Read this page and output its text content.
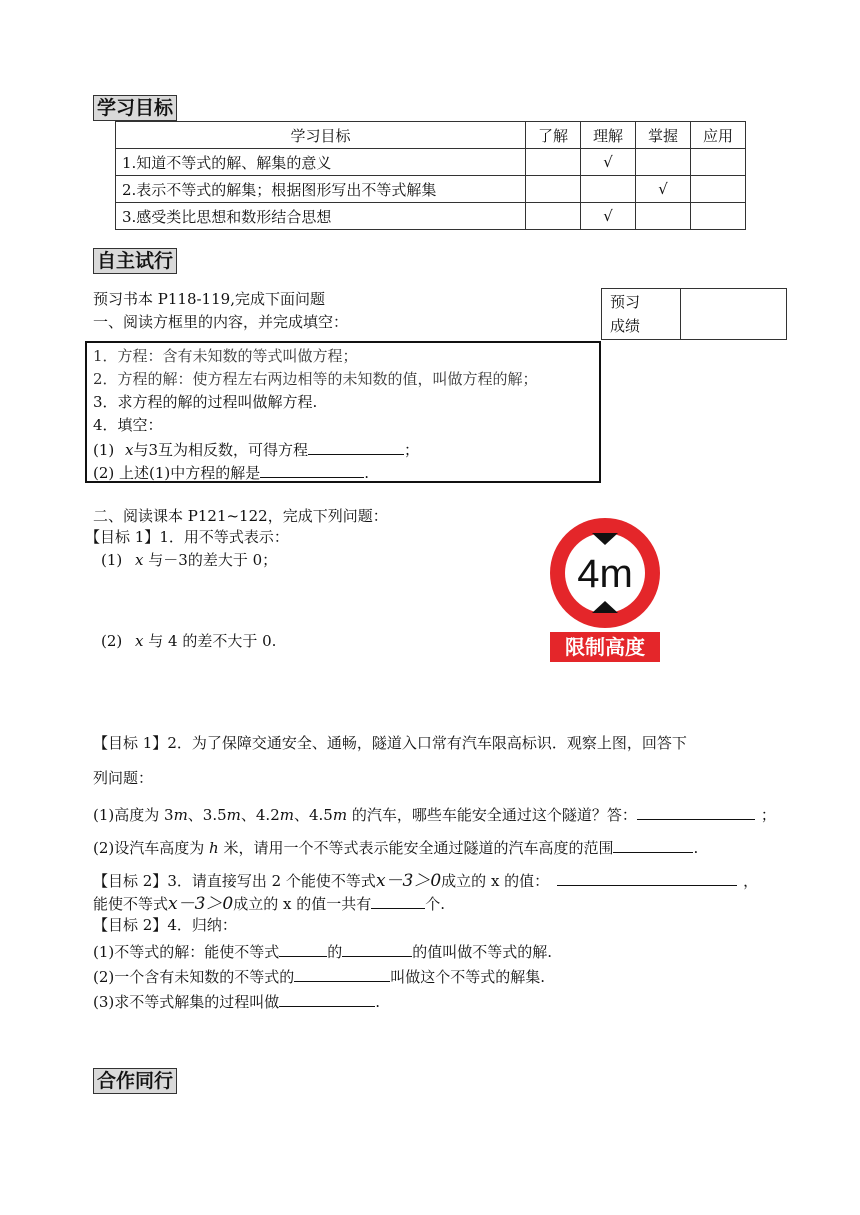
学习目标
学习目标	了解	理解	掌握	应用
1.知道不等式的解、解集的意义		√		
2.表示不等式的解集；根据图形写出不等式解集			√	
3.感受类比思想和数形结合思想		√		
自主试行
预习书本 P118-119,完成下面问题
一、阅读方框里的内容，并完成填空：
预习
成绩

1．方程：含有未知数的等式叫做方程；
2．方程的解：使方程左右两边相等的未知数的值，叫做方程的解；
3．求方程的解的过程叫做解方程.
4．填空：
(1) x与3互为相反数，可得方程	；
(2) 上述(1)中方程的解是	.
二、阅读课本 P121~122，完成下列问题：
【目标 1】1．用不等式表示：
(1) x 与－3的差大于 0；
(2) x 与 4 的差不大于 0.
4m
限制高度
【目标 1】2．为了保障交通安全、通畅，隧道入口常有汽车限高标识．观察上图，回答下
列问题：
(1)高度为 3m、3.5m、4.2m、4.5m 的汽车，哪些车能安全通过这个隧道？答：	；
(2)设汽车高度为 h 米，请用一个不等式表示能安全通过隧道的汽车高度的范围	.
【目标 2】3．请直接写出 2 个能使不等式x－3＞0成立的 x 的值：	，
能使不等式x－3＞0成立的 x 的值一共有	个.
【目标 2】4．归纳：
(1)不等式的解：能使不等式	的	的值叫做不等式的解.
(2)一个含有未知数的不等式的	叫做这个不等式的解集.
(3)求不等式解集的过程叫做	.
合作同行
